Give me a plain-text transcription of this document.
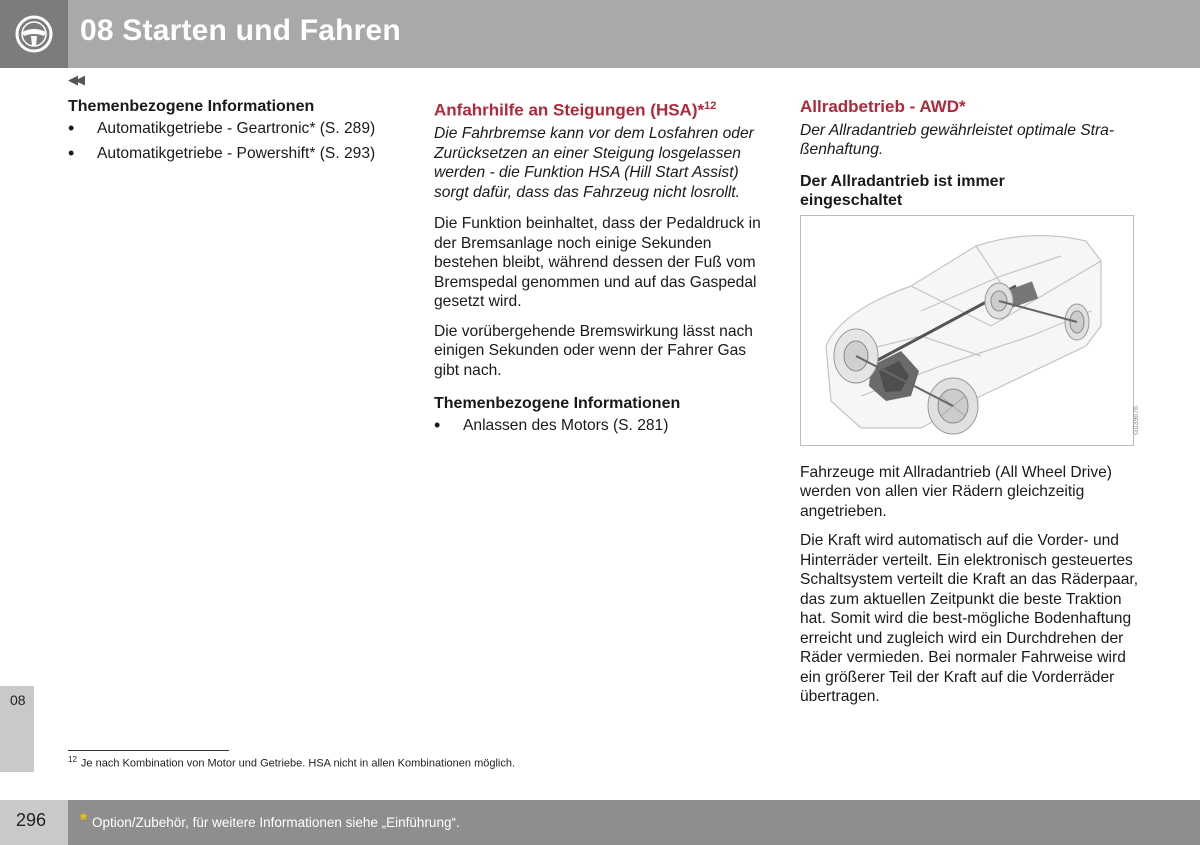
08 Starten und Fahren
◀◀
08
Themenbezogene Informationen
• Automatikgetriebe - Geartronic* (S. 289)
• Automatikgetriebe - Powershift* (S. 293)
Anfahrhilfe an Steigungen (HSA)*$^{12}$

Die Fahrbremse kann vor dem Losfahren oder Zurücksetzen an einer Steigung losgelassen werden - die Funktion HSA (Hill Start Assist) sorgt dafür, dass das Fahrzeug nicht losrollt.

Die Funktion beinhaltet, dass der Pedaldruck in der Bremsanlage noch einige Sekunden bestehen bleibt, während dessen der Fuß vom Bremspedal genommen und auf das Gaspedal gesetzt wird.

Die vorübergehende Bremswirkung lässt nach einigen Sekunden oder wenn der Fahrer Gas gibt nach.

Themenbezogene Informationen
• Anlassen des Motors (S. 281)
Allradbetrieb - AWD*

Der Allradantrieb gewährleistet optimale Stra-ßenhaftung.

Der Allradantrieb ist immer eingeschaltet
G039676

Fahrzeuge mit Allradantrieb (All Wheel Drive) werden von allen vier Rädern gleichzeitig angetrieben.

Die Kraft wird automatisch auf die Vorder- und Hinterräder verteilt. Ein elektronisch gesteuertes Schaltsystem verteilt die Kraft an das Räderpaar, das zum aktuellen Zeitpunkt die beste Traktion hat. Somit wird die best-mögliche Bodenhaftung erreicht und zugleich wird ein Durchdrehen der Räder vermieden. Bei normaler Fahrweise wird ein größerer Teil der Kraft auf die Vorderräder übertragen.

$^{12}$ Je nach Kombination von Motor und Getriebe. HSA nicht in allen Kombinationen möglich.
296 * Option/Zubehör, für weitere Informationen siehe „Einführung“.
